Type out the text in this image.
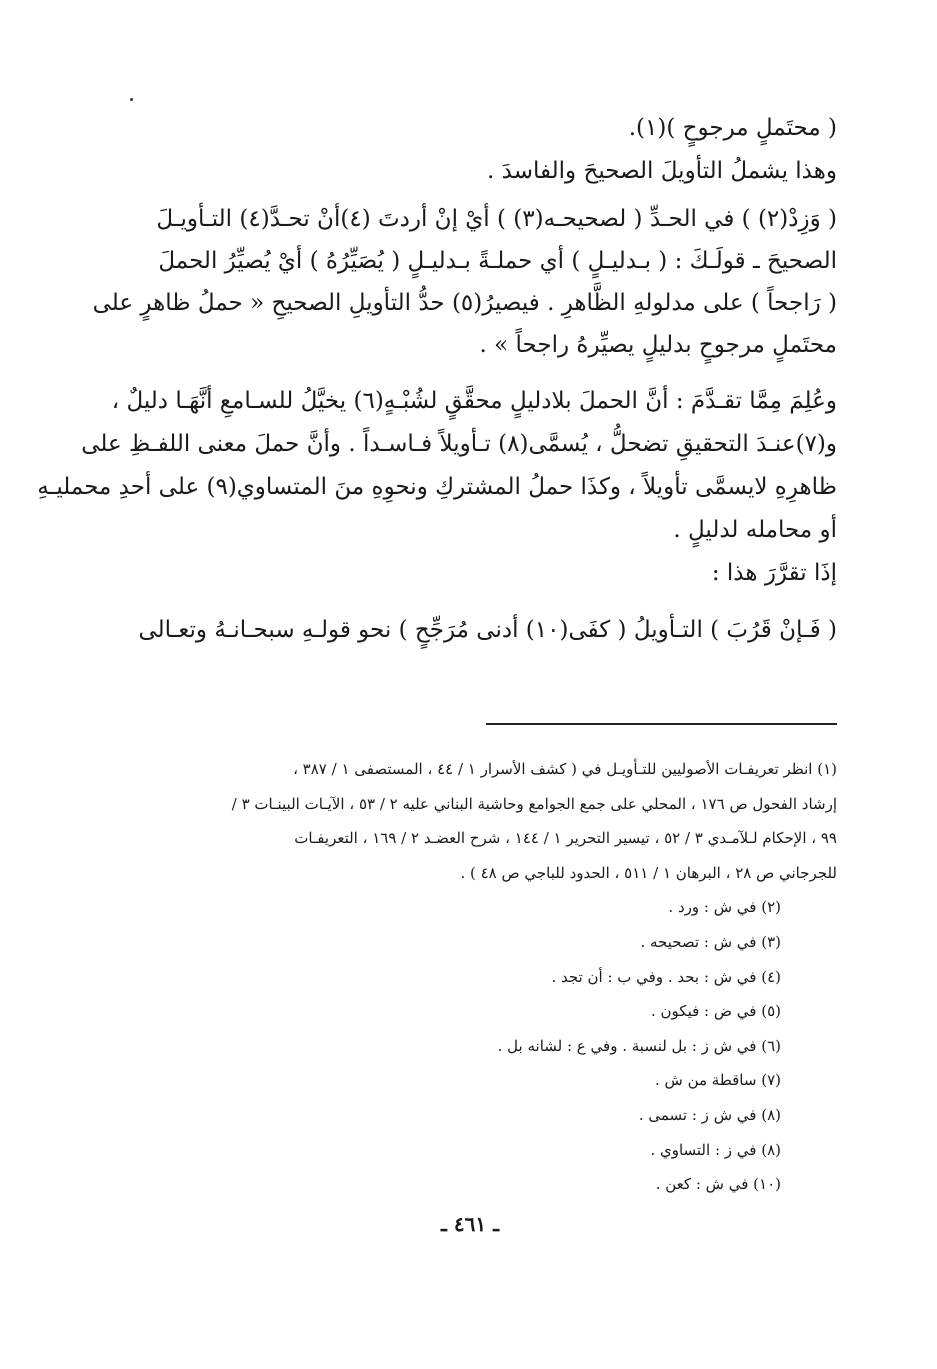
( محتَملٍ مرجوحٍ )(١).

وهذا يشملُ التأويلَ الصحيحَ والفاسدَ .

( وَزِدْ(٢) ) في الحـدِّ ( لصحيحـه(٣) ) أيْ إنْ أردتَ (٤)أنْ تحـدَّ(٤) التـأويـلَ

الصحيحَ ـ قولَـكَ : ( بـدليـلٍ ) أي حملـةً بـدليـلٍ ( يُصَيِّرُهُ ) أيْ يُصيِّرُ الحملَ

( رَاجحاً ) على مدلولهِ الظَّاهرِ . فيصيرُ(٥) حدُّ التأويلِ الصحيحِ « حملُ ظاهرٍ على

محتَملٍ مرجوحٍ بدليلٍ يصيِّرهُ راجحاً » .

وعُلِمَ مِمَّا تقـدَّمَ : أنَّ الحملَ بلادليلٍ محقَّقٍ لشُبْـهٍ(٦) يخيَّلُ للسـامعِ أنَّهَـا دليلٌ ،

و(٧)عنـدَ التحقيقِ تضحلُّ ، يُسمَّى(٨) تـأويلاً فـاسـداً . وأنَّ حملَ معنى اللفـظِ على

ظاهرِهِ لايسمَّى تأويلاً ، وكذَا حملُ المشتركِ ونحوِهِ منَ المتساوي(٩) على أحدِ محمليـهِ

أو محامله لدليلٍ .

إذَا تقرَّرَ هذا :

( فَـإنْ قَرُبَ ) التـأويلُ ( كفَى(١٠) أدنى مُرَجِّحٍ ) نحو قولـهِ سبحـانـهُ وتعـالى

(١) انظر تعريفـات الأصوليين للتـأويـل في ( كشف الأسرار ١ / ٤٤ ، المستصفى ١ / ٣٨٧ ،

إرشاد الفحول ص ١٧٦ ، المحلي على جمع الجوامع وحاشية البناني عليه ٢ / ٥٣ ، الآيـات البينـات ٣ /

٩٩ ، الإحكام لـلآمـدي ٣ / ٥٢ ، تيسير التحرير ١ / ١٤٤ ، شرح العضـد ٢ / ١٦٩ ، التعريفـات

للجرجاني ص ٢٨ ، البرهان ١ / ٥١١ ، الحدود للباجي ص ٤٨ ) .

(٢) في ش : ورد .

(٣) في ش : تصحيحه .

(٤) في ش : بحد . وفي ب : أن تجد .

(٥) في ض : فيكون .

(٦) في ش ز : بل لنسبة . وفي ع : لشانه بل .

(٧) ساقطة من ش .

(٨) في ش ز : تسمى .

(٨) في ز : التساوي .

(١٠) في ش : كعن .

ـ ٤٦١ ـ
